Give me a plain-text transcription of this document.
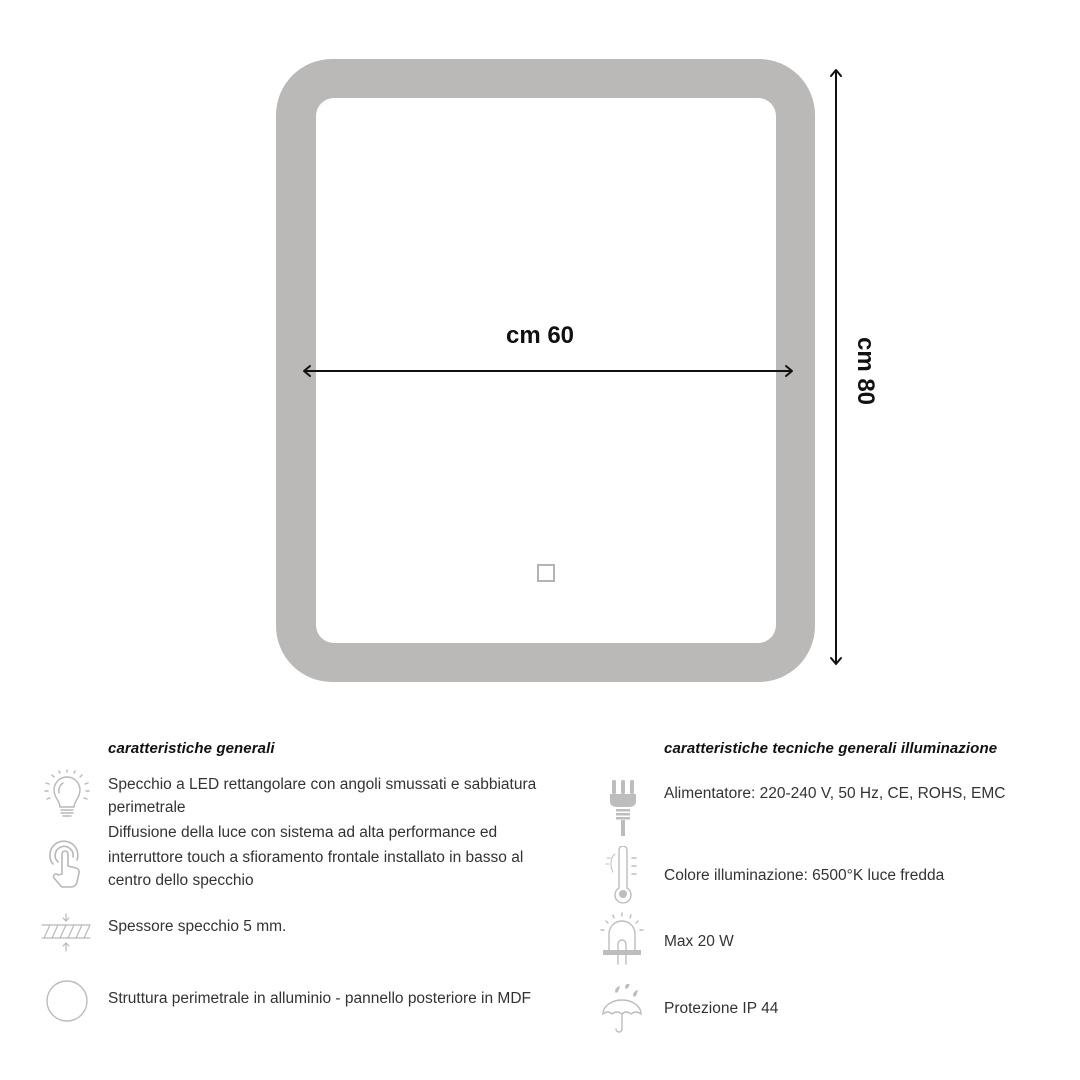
cm 60
cm 80
caratteristiche generali
Specchio a LED rettangolare con angoli smussati e sabbiatura
perimetrale
Diffusione della luce con sistema ad alta performance ed
interruttore touch a sfioramento frontale installato in basso al
centro dello specchio
Spessore specchio 5 mm.
Struttura perimetrale in alluminio - pannello posteriore in MDF
caratteristiche tecniche generali illuminazione
Alimentatore: 220-240 V, 50 Hz, CE, ROHS, EMC
Colore illuminazione: 6500°K luce fredda
Max 20 W
Protezione IP 44
